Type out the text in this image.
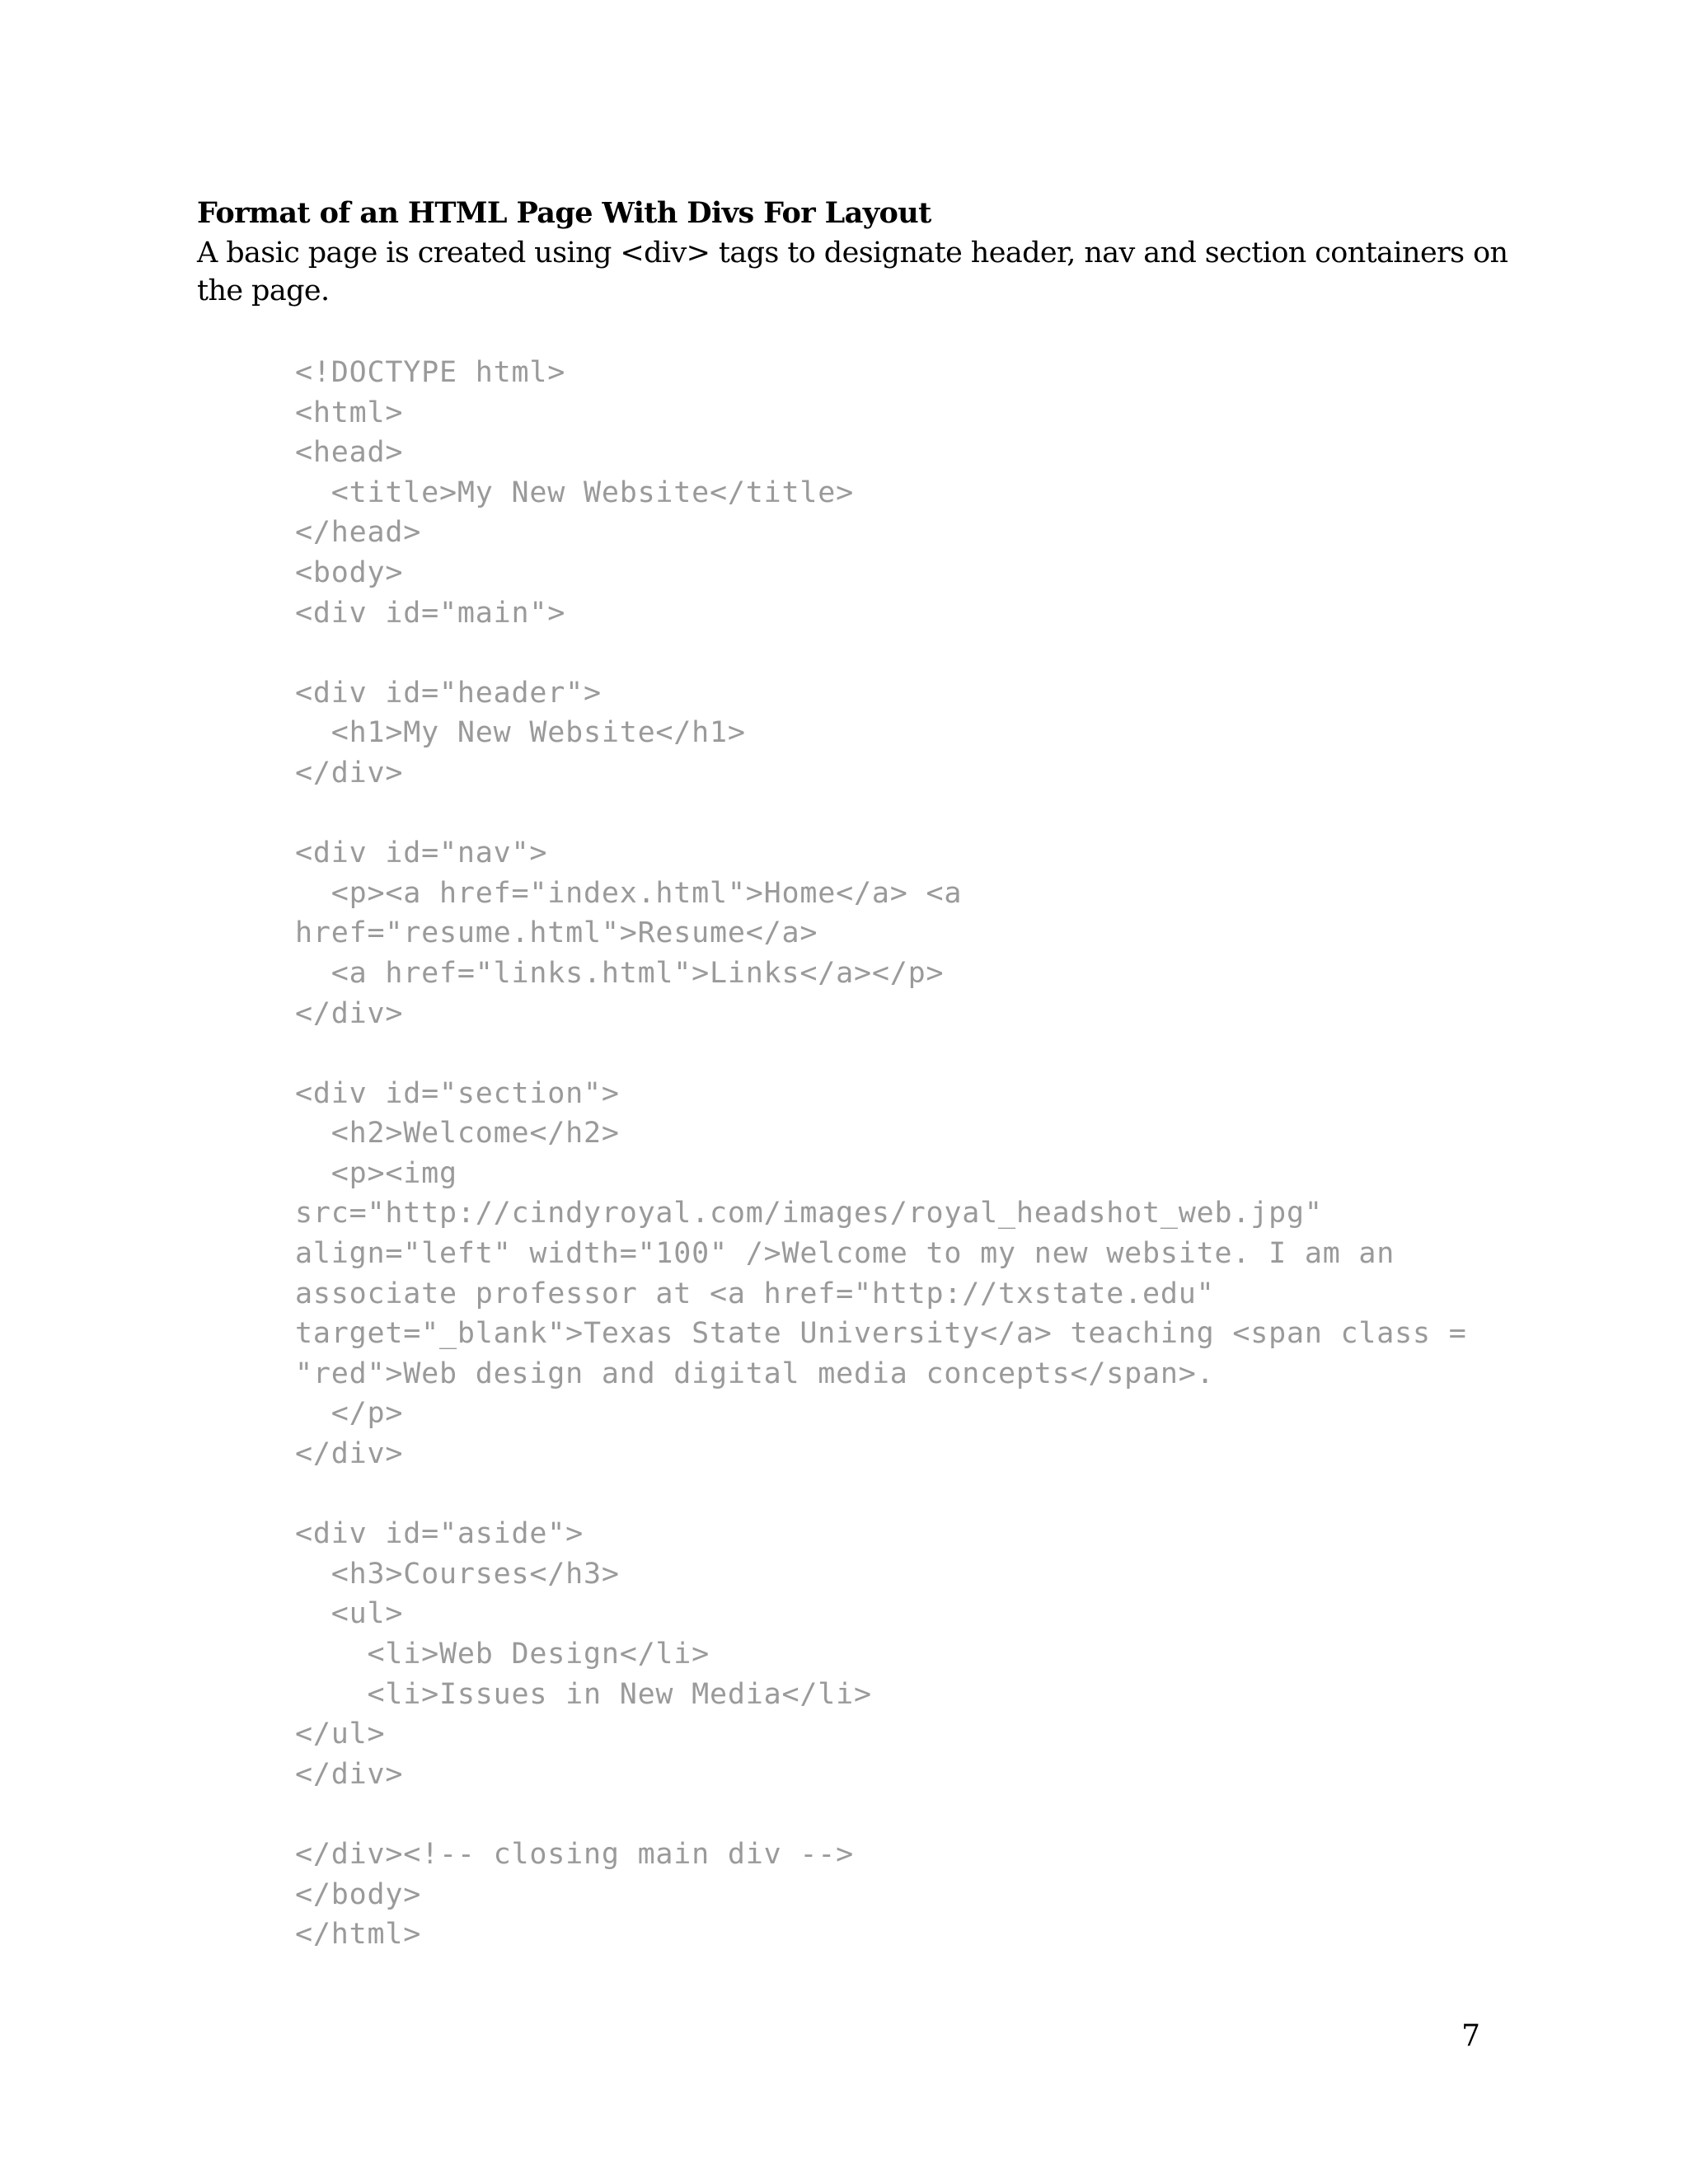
Format of an HTML Page With Divs For Layout

A basic page is created using <div> tags to designate header, nav and section containers on
the page.

<!DOCTYPE html>
<html>
<head>
<title>My New Website</title>
</head>
<body>
<div id="main">
<div id="header">
<h1>My New Website</h1>
</div>
<div id="nav">
<p><a href="index.html">Home</a> <a
href="resume.html">Resume</a>
<a href="links.html">Links</a></p>
</div>
<div id="section">
<h2>Welcome</h2>
<p><img
src="http://cindyroyal.com/images/royal_headshot_web.jpg"
align="left" width="100" />Welcome to my new website. I am an
associate professor at <a href="http://txstate.edu"
target="_blank">Texas State University</a> teaching <span class =
"red">Web design and digital media concepts</span>.
</p>
</div>
<div id="aside">
<h3>Courses</h3>
<ul>
<li>Web Design</li>
<li>Issues in New Media</li>
</ul>
</div>
</div><!-- closing main div -->
</body>
</html>
7
